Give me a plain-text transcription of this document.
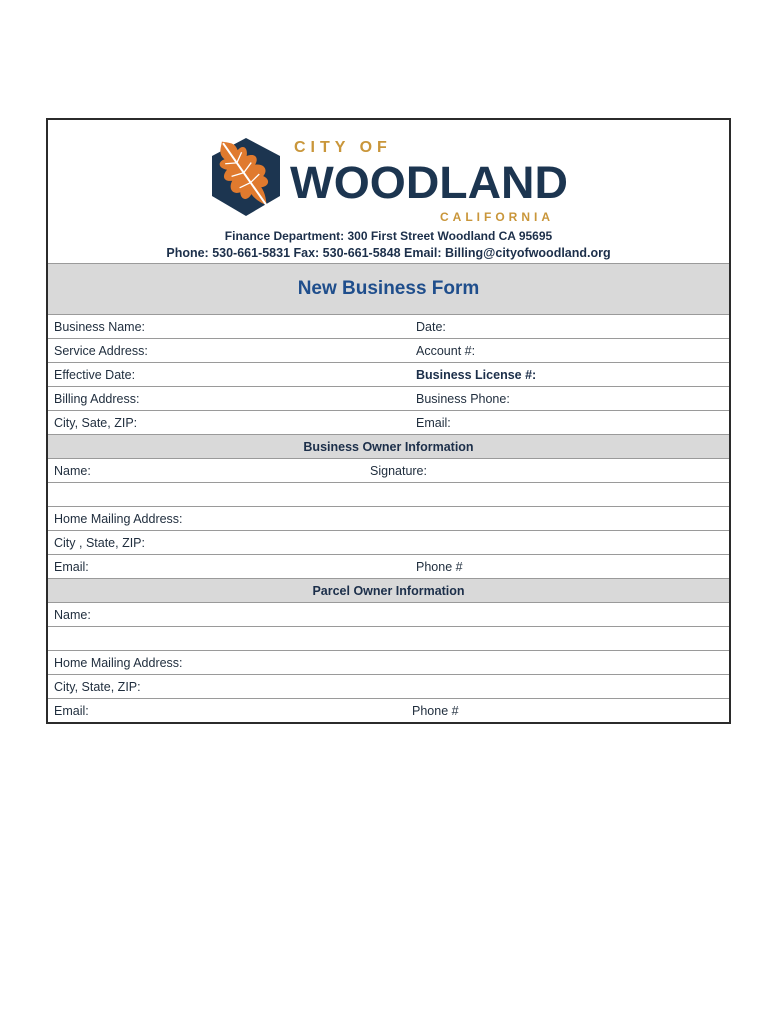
CITY OF
WOODLAND
CALIFORNIA
Finance Department: 300 First Street Woodland CA 95695
Phone: 530-661-5831 Fax: 530-661-5848 Email: Billing@cityofwoodland.org
New Business Form
Business Name:	Date:
Service Address:	Account #:
Effective Date:	Business License #:
Billing Address:	Business Phone:
City, Sate, ZIP:	Email:
Business Owner Information
Name:	Signature:
Home Mailing Address:
City , State, ZIP:
Email:	Phone #
Parcel Owner Information
Name:
Home Mailing Address:
City, State, ZIP:
Email:	Phone #
